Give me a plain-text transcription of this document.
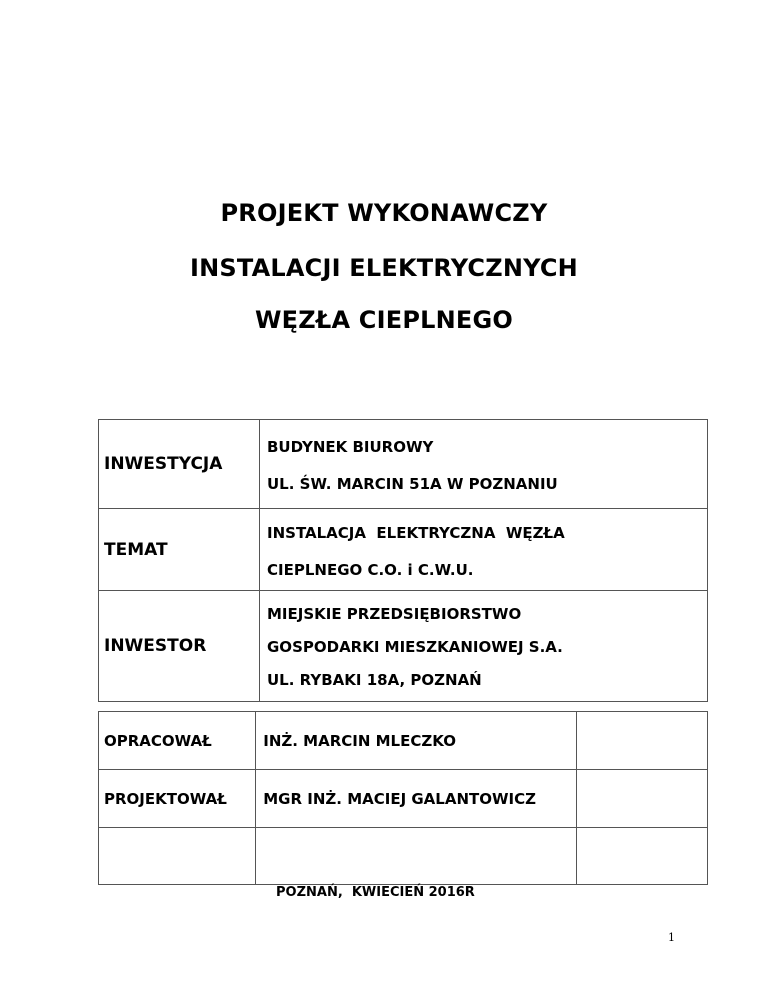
PROJEKT WYKONAWCZY
INSTALACJI ELEKTRYCZNYCH
WĘZŁA CIEPLNEGO
INWESTYCJA	BUDYNEK BIUROWY
UL. ŚW. MARCIN 51A W POZNANIU

TEMAT	INSTALACJA  ELEKTRYCZNA  WĘZŁA
CIEPLNEGO C.O. i C.W.U.

INWESTOR	MIEJSKIE PRZEDSIĘBIORSTWO
GOSPODARKI MIESZKANIOWEJ S.A.
UL. RYBAKI 18A, POZNAŃ
OPRACOWAŁ	INŻ. MARCIN MLECZKO	
PROJEKTOWAŁ	MGR INŻ. MACIEJ GALANTOWICZ	

POZNAŃ,  KWIECIEŃ 2016R
1
